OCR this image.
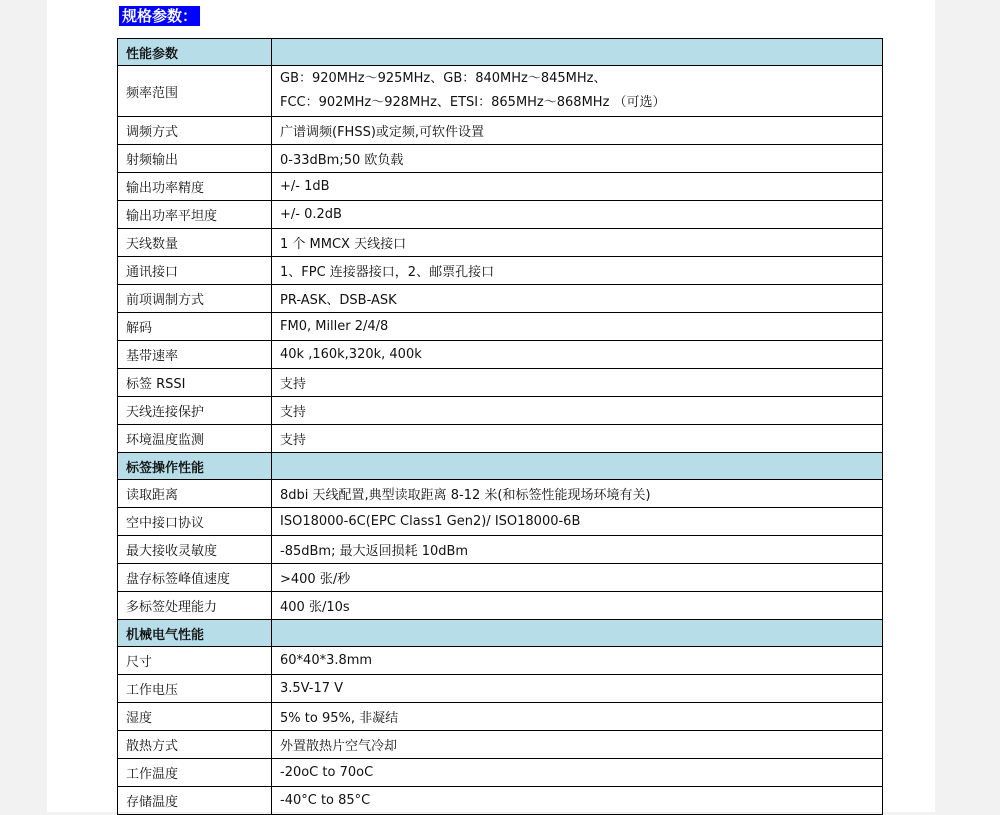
规格参数：
性能参数	
频率范围	GB：920MHz～925MHz、GB：840MHz～845MHz、
FCC：902MHz～928MHz、ETSI：865MHz～868MHz （可选）

调频方式	广谱调频(FHSS)或定频,可软件设置
射频输出	0-33dBm;50 欧负载
输出功率精度	+/- 1dB
输出功率平坦度	+/- 0.2dB
天线数量	1 个 MMCX 天线接口
通讯接口	1、FPC 连接器接口，2、邮票孔接口
前项调制方式	PR-ASK、DSB-ASK
解码	FM0, Miller 2/4/8
基带速率	40k ,160k,320k, 400k
标签 RSSI	支持
天线连接保护	支持
环境温度监测	支持
标签操作性能	
读取距离	8dbi 天线配置,典型读取距离 8-12 米(和标签性能现场环境有关)
空中接口协议	ISO18000-6C(EPC Class1 Gen2)/ ISO18000-6B
最大接收灵敏度	-85dBm; 最大返回损耗 10dBm
盘存标签峰值速度	>400 张/秒
多标签处理能力	400 张/10s
机械电气性能	
尺寸	60*40*3.8mm
工作电压	3.5V-17 V
湿度	5% to 95%, 非凝结
散热方式	外置散热片空气冷却
工作温度	-20oC to 70oC
存储温度	-40°C to 85°C
